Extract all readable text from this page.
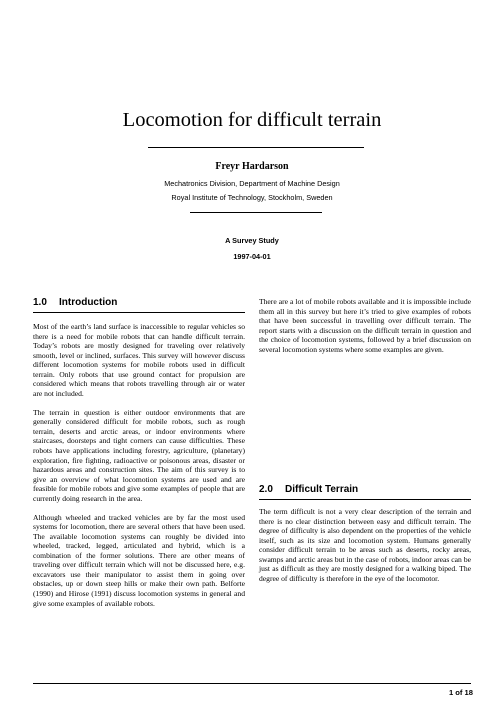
Locomotion for difficult terrain
Freyr Hardarson
Mechatronics Division, Department of Machine Design
Royal Institute of Technology, Stockholm, Sweden
A Survey Study
1997-04-01
1.0 Introduction

Most of the earth’s land surface is inaccessible to regular vehicles so there is a need for mobile robots that can handle difficult terrain. Today’s robots are mostly designed for traveling over relatively smooth, level or inclined, surfaces. This survey will however discuss different locomotion systems for mobile robots used in difficult terrain. Only robots that use ground contact for propulsion are considered which means that robots travelling through air or water are not included.

The terrain in question is either outdoor environments that are generally considered difficult for mobile robots, such as rough terrain, deserts and arctic areas, or indoor environments where staircases, doorsteps and tight corners can cause difficulties. These robots have applications including forestry, agriculture, (planetary) exploration, fire fighting, radioactive or poisonous areas, disaster or hazardous areas and construction sites. The aim of this survey is to give an overview of what locomotion systems are used and are feasible for mobile robots and give some examples of people that are currently doing research in the area.

Although wheeled and tracked vehicles are by far the most used systems for locomotion, there are several others that have been used. The available locomotion systems can roughly be divided into wheeled, tracked, legged, articulated and hybrid, which is a combination of the former solutions. There are other means of traveling over difficult terrain which will not be discussed here, e.g. excavators use their manipulator to assist them in going over obstacles, up or down steep hills or make their own path. Belforte (1990) and Hirose (1991) discuss locomotion systems in general and give some examples of available robots.

There are a lot of mobile robots available and it is impossible include them all in this survey but here it’s tried to give examples of robots that have been successful in travelling over difficult terrain. The report starts with a discussion on the difficult terrain in question and the choice of locomotion systems, followed by a brief discussion on several locomotion systems where some examples are given.

2.0 Difficult Terrain

The term difficult is not a very clear description of the terrain and there is no clear distinction between easy and difficult terrain. The degree of difficulty is also dependent on the properties of the vehicle itself, such as its size and locomotion system. Humans generally consider difficult terrain to be areas such as deserts, rocky areas, swamps and arctic areas but in the case of robots, indoor areas can be just as difficult as they are mostly designed for a walking biped. The degree of difficulty is therefore in the eye of the locomotor.

1 of 18
